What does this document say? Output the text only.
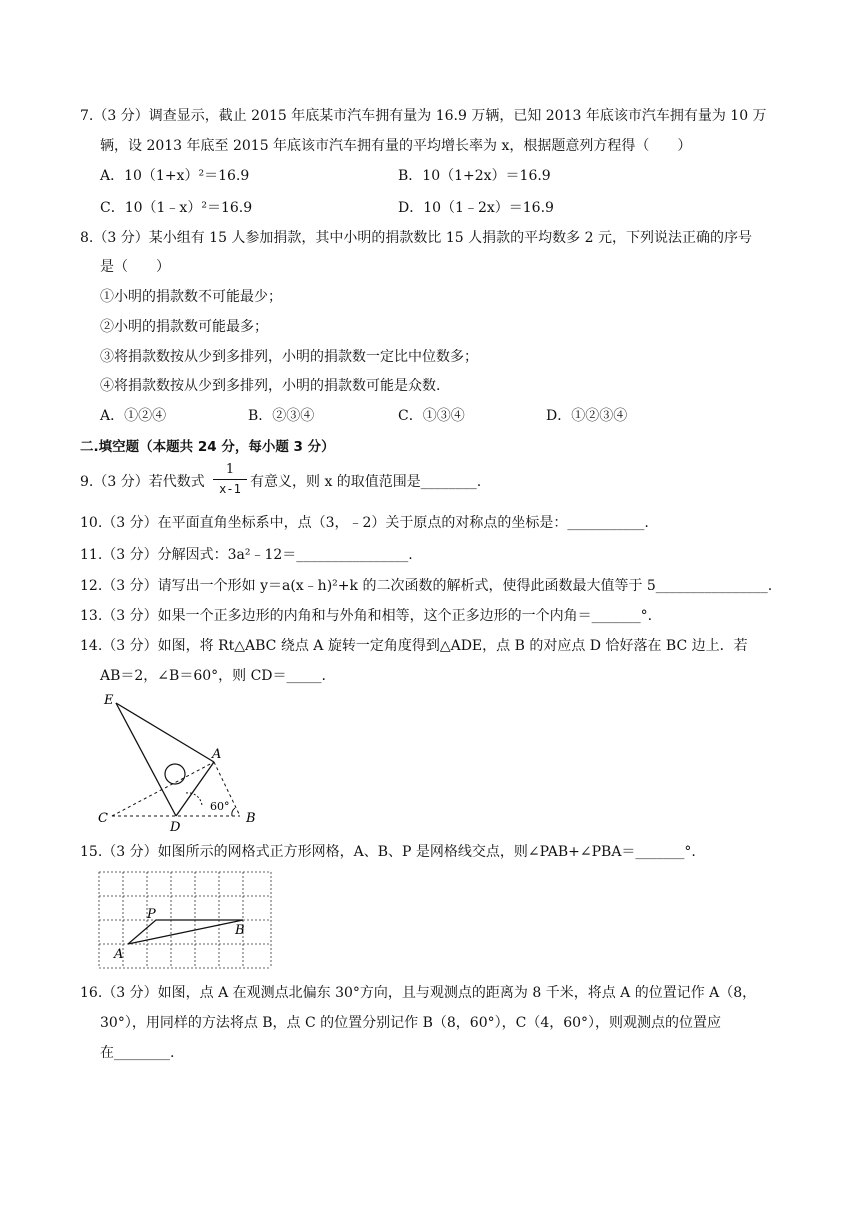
7.（3 分）调查显示，截止 2015 年底某市汽车拥有量为 16.9 万辆，已知 2013 年底该市汽车拥有量为 10 万
辆，设 2013 年底至 2015 年底该市汽车拥有量的平均增长率为 x，根据题意列方程得（　　）
A．10（1+x）²＝16.9	B．10（1+2x）＝16.9
C．10（1﹣x）²＝16.9	D．10（1﹣2x）＝16.9
8.（3 分）某小组有 15 人参加捐款，其中小明的捐款数比 15 人捐款的平均数多 2 元，下列说法正确的序号
是（　　）
①小明的捐款数不可能最少；
②小明的捐款数可能最多；
③将捐款数按从少到多排列，小明的捐款数一定比中位数多；
④将捐款数按从少到多排列，小明的捐款数可能是众数.
A．①②④	B．②③④	C．①③④	D．①②③④
二.填空题（本题共 24 分，每小题 3 分）
9.（3 分）若代数式
1
x-1 有意义，则 x 的取值范围是________.
10.（3 分）在平面直角坐标系中，点（3，﹣2）关于原点的对称点的坐标是：___________.
11.（3 分）分解因式：3a²﹣12＝________________.
12.（3 分）请写出一个形如 y＝a(x﹣h)²+k 的二次函数的解析式，使得此函数最大值等于 5________________.
13.（3 分）如果一个正多边形的内角和与外角和相等，这个正多边形的一个内角＝_______°.
14.（3 分）如图，将 Rt△ABC 绕点 A 旋转一定角度得到△ADE，点 B 的对应点 D 恰好落在 BC 边上．若
AB＝2，∠B＝60°，则 CD＝_____.
E
A
C
D
B
60°
15.（3 分）如图所示的网格式正方形网格，A、B、P 是网格线交点，则∠PAB+∠PBA＝_______°.
P
B
A
16.（3 分）如图，点 A 在观测点北偏东 30°方向，且与观测点的距离为 8 千米，将点 A 的位置记作 A（8，
30°），用同样的方法将点 B，点 C 的位置分别记作 B（8，60°），C（4，60°），则观测点的位置应
在________.
